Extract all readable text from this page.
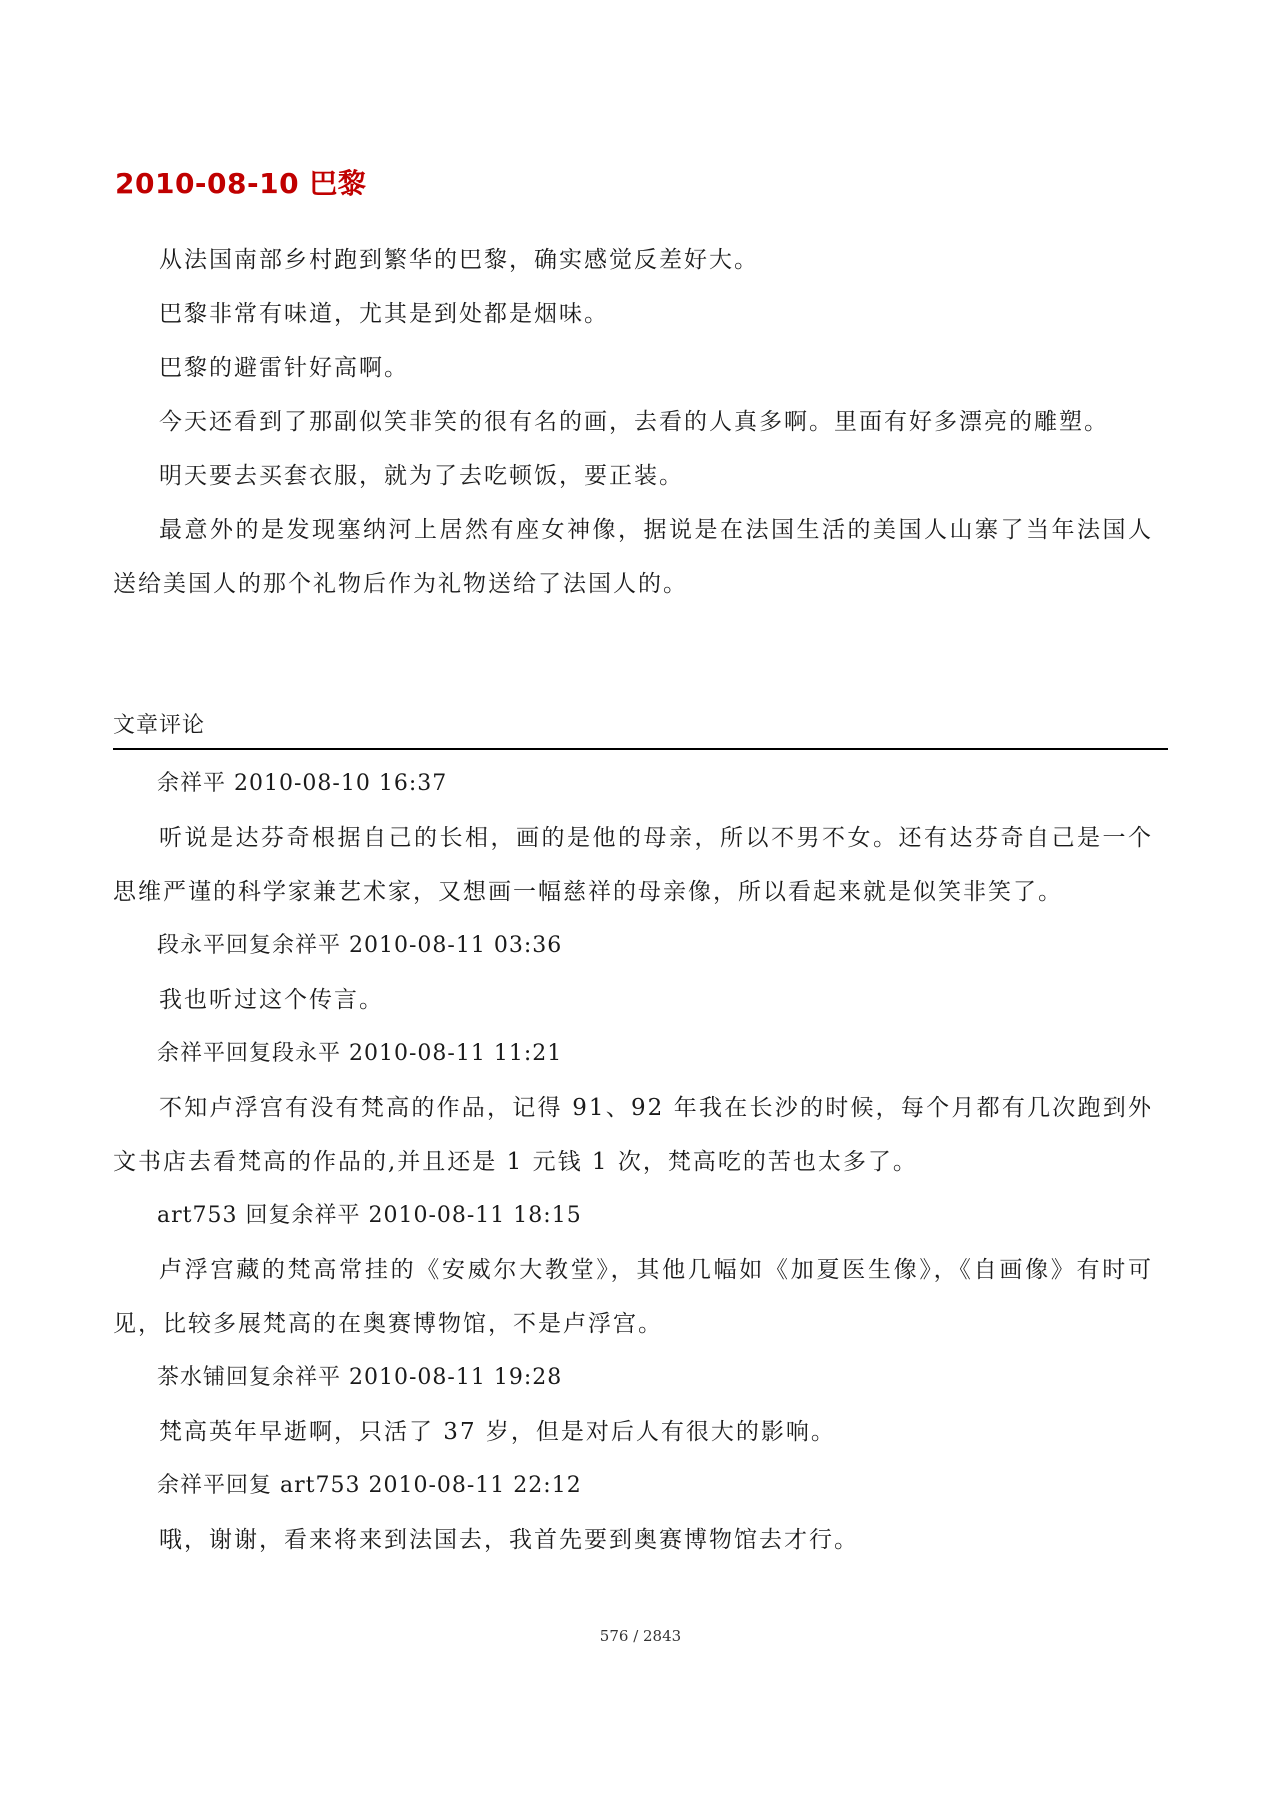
2010-08-10 巴黎

从法国南部乡村跑到繁华的巴黎，确实感觉反差好大。

巴黎非常有味道，尤其是到处都是烟味。

巴黎的避雷针好高啊。

今天还看到了那副似笑非笑的很有名的画，去看的人真多啊。里面有好多漂亮的雕塑。

明天要去买套衣服，就为了去吃顿饭，要正装。

最意外的是发现塞纳河上居然有座女神像，据说是在法国生活的美国人山寨了当年法国人送给美国人的那个礼物后作为礼物送给了法国人的。

文章评论

余祥平 2010-08-10 16:37

听说是达芬奇根据自己的长相，画的是他的母亲，所以不男不女。还有达芬奇自己是一个思维严谨的科学家兼艺术家，又想画一幅慈祥的母亲像，所以看起来就是似笑非笑了。

段永平回复余祥平 2010-08-11 03:36

我也听过这个传言。

余祥平回复段永平 2010-08-11 11:21

不知卢浮宫有没有梵高的作品，记得 91、92 年我在长沙的时候，每个月都有几次跑到外文书店去看梵高的作品的,并且还是 1 元钱 1 次，梵高吃的苦也太多了。

art753 回复余祥平 2010-08-11 18:15

卢浮宫藏的梵高常挂的《安威尔大教堂》，其他几幅如《加夏医生像》，《自画像》有时可见，比较多展梵高的在奥赛博物馆，不是卢浮宫。

茶水铺回复余祥平 2010-08-11 19:28

梵高英年早逝啊，只活了 37 岁，但是对后人有很大的影响。

余祥平回复 art753 2010-08-11 22:12

哦，谢谢，看来将来到法国去，我首先要到奥赛博物馆去才行。

576 / 2843
